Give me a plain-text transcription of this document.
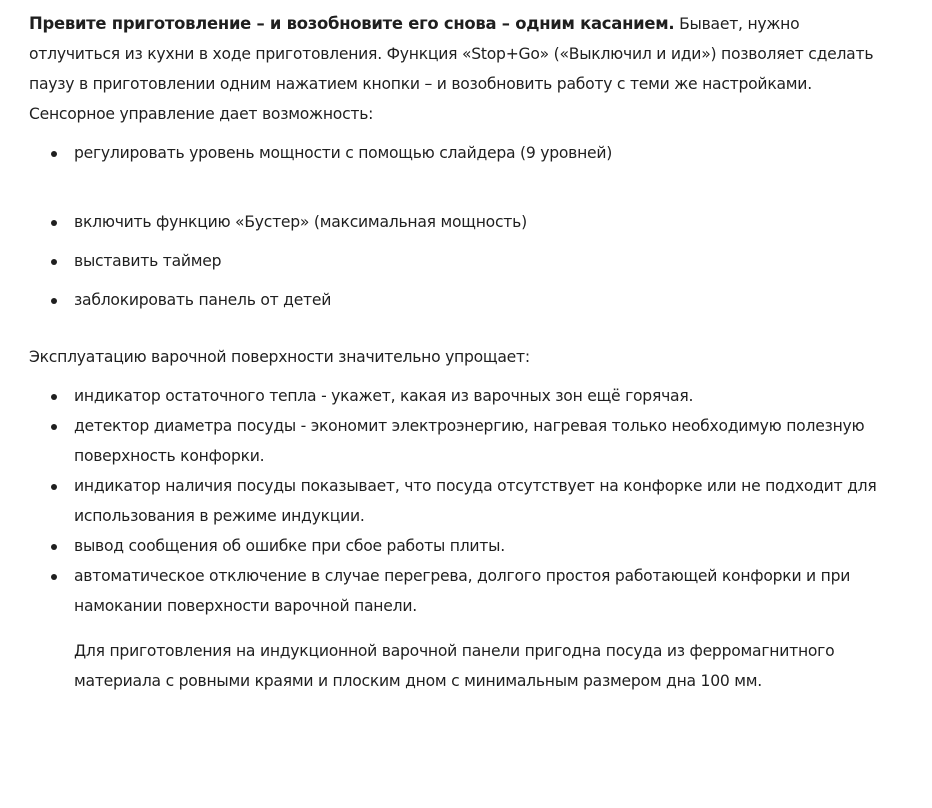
Превите приготовление – и возобновите его снова – одним касанием. Бывает, нужно отлучиться из кухни в ходе приготовления. Функция «Stop+Go» («Выключил и иди») позволяет сделать паузу в приготовлении одним нажатием кнопки – и возобновить работу с теми же настройками.

Сенсорное управление дает возможность:

регулировать уровень мощности с помощью слайдера (9 уровней)
включить функцию «Бустер» (максимальная мощность)
выставить таймер
заблокировать панель от детей

Эксплуатацию варочной поверхности значительно упрощает:

индикатор остаточного тепла - укажет, какая из варочных зон ещё горячая.
детектор диаметра посуды - экономит электроэнергию, нагревая только необходимую полезную поверхность конфорки.
индикатор наличия посуды показывает, что посуда отсутствует на конфорке или не подходит для использования в режиме индукции.
вывод сообщения об ошибке при сбое работы плиты.
автоматическое отключение в случае перегрева, долгого простоя работающей конфорки и при намокании поверхности варочной панели.

Для приготовления на индукционной варочной панели пригодна посуда из ферромагнитного материала с ровными краями и плоским дном с минимальным размером дна 100 мм.
